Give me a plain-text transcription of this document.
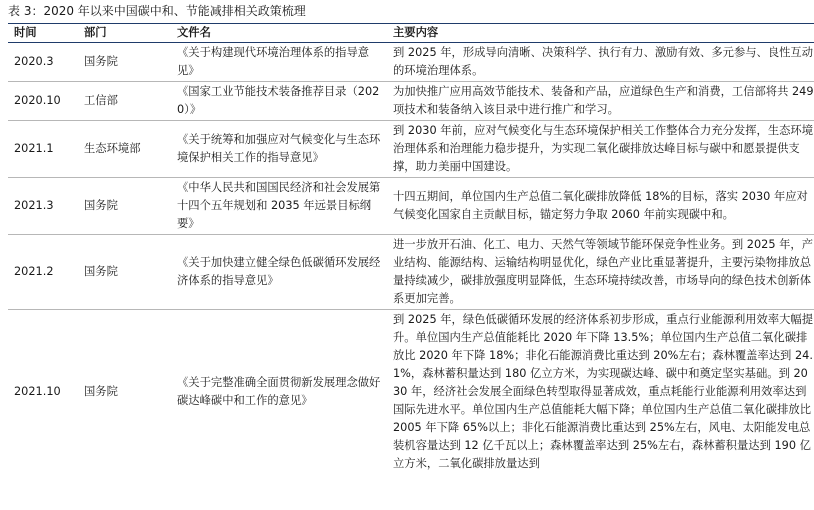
表 3：2020 年以来中国碳中和、节能减排相关政策梳理
时间	部门	文件名	主要内容
2020.3	国务院	《关于构建现代环境治理体系的指导意见》	到 2025 年，形成导向清晰、决策科学、执行有力、激励有效、多元参与、良性互动的环境治理体系。
2020.10	工信部	《国家工业节能技术装备推荐目录（2020）》	为加快推广应用高效节能技术、装备和产品，应道绿色生产和消费，工信部将共 249 项技术和装备纳入该目录中进行推广和学习。
2021.1	生态环境部	《关于统筹和加强应对气候变化与生态环境保护相关工作的指导意见》	到 2030 年前，应对气候变化与生态环境保护相关工作整体合力充分发挥，生态环境治理体系和治理能力稳步提升，为实现二氧化碳排放达峰目标与碳中和愿景提供支撑，助力美丽中国建设。
2021.3	国务院	《中华人民共和国国民经济和社会发展第十四个五年规划和 2035 年远景目标纲要》	十四五期间，单位国内生产总值二氧化碳排放降低 18%的目标，落实 2030 年应对气候变化国家自主贡献目标，锚定努力争取 2060 年前实现碳中和。
2021.2	国务院	《关于加快建立健全绿色低碳循环发展经济体系的指导意见》	进一步放开石油、化工、电力、天然气等领域节能环保竞争性业务。到 2025 年，产业结构、能源结构、运输结构明显优化，绿色产业比重显著提升，主要污染物排放总量持续减少，碳排放强度明显降低，生态环境持续改善，市场导向的绿色技术创新体系更加完善。
2021.10	国务院	《关于完整准确全面贯彻新发展理念做好碳达峰碳中和工作的意见》	到 2025 年，绿色低碳循环发展的经济体系初步形成，重点行业能源利用效率大幅提升。单位国内生产总值能耗比 2020 年下降 13.5%；单位国内生产总值二氧化碳排放比 2020 年下降 18%；非化石能源消费比重达到 20%左右；森林覆盖率达到 24.1%，森林蓄积量达到 180 亿立方米，为实现碳达峰、碳中和奠定坚实基础。到 2030 年，经济社会发展全面绿色转型取得显著成效，重点耗能行业能源利用效率达到国际先进水平。单位国内生产总值能耗大幅下降；单位国内生产总值二氧化碳排放比 2005 年下降 65%以上；非化石能源消费比重达到 25%左右，风电、太阳能发电总装机容量达到 12 亿千瓦以上；森林覆盖率达到 25%左右，森林蓄积量达到 190 亿立方米，二氧化碳排放量达到
